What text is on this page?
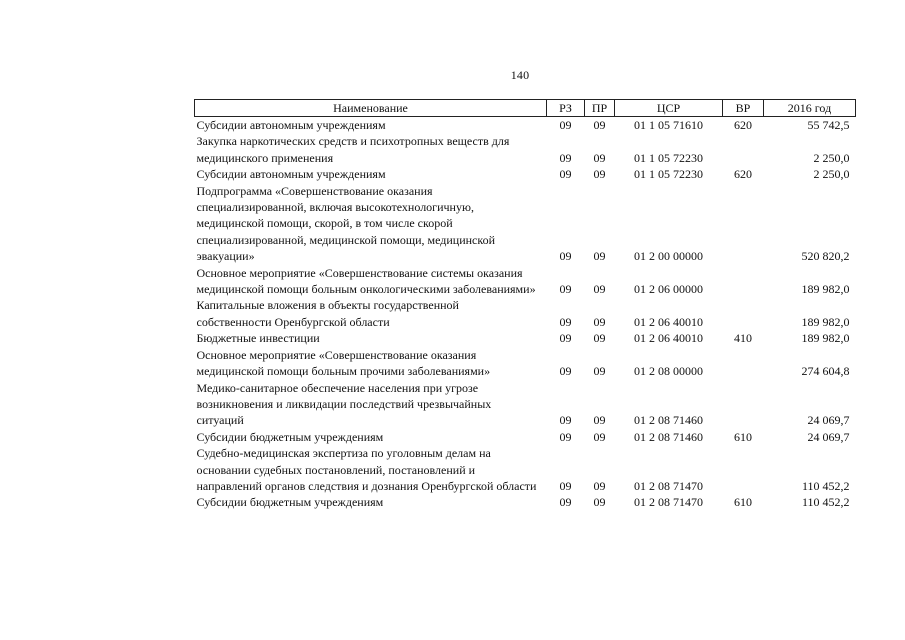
140
Наименование	РЗ	ПР	ЦСР	ВР	2016 год
Субсидии автономным учреждениям	09	09	01 1 05 71610	620	55 742,5
Закупка наркотических средств и психотропных веществ для медицинского применения	09	09	01 1 05 72230		2 250,0
Субсидии автономным учреждениям	09	09	01 1 05 72230	620	2 250,0
Подпрограмма «Совершенствование оказания специализированной, включая высокотехнологичную, медицинской помощи, скорой, в том числе скорой специализированной, медицинской помощи, медицинской эвакуации»	09	09	01 2 00 00000		520 820,2
Основное мероприятие «Совершенствование системы оказания медицинской помощи больным онкологическими заболеваниями»	09	09	01 2 06 00000		189 982,0
Капитальные вложения в объекты государственной собственности Оренбургской области	09	09	01 2 06 40010		189 982,0
Бюджетные инвестиции	09	09	01 2 06 40010	410	189 982,0
Основное мероприятие «Совершенствование оказания медицинской помощи больным прочими заболеваниями»	09	09	01 2 08 00000		274 604,8
Медико-санитарное обеспечение населения при угрозе возникновения и ликвидации последствий чрезвычайных ситуаций	09	09	01 2 08 71460		24 069,7
Субсидии бюджетным учреждениям	09	09	01 2 08 71460	610	24 069,7
Судебно-медицинская экспертиза по уголовным делам на основании судебных постановлений, постановлений и направлений органов следствия и дознания Оренбургской области	09	09	01 2 08 71470		110 452,2
Субсидии бюджетным учреждениям	09	09	01 2 08 71470	610	110 452,2
